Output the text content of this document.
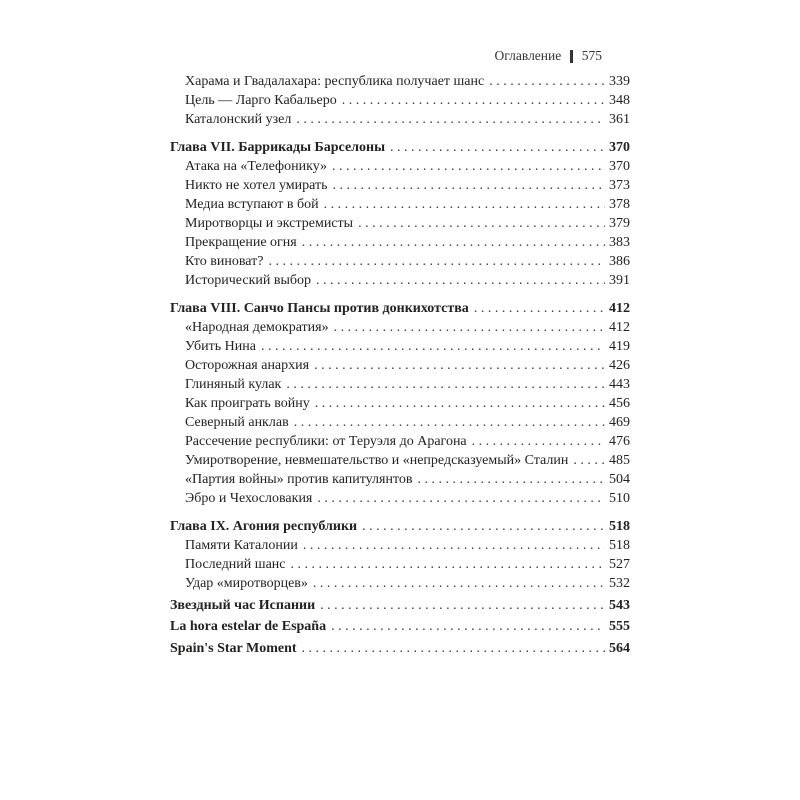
Оглавление 575
Харама и Гвадалахара: республика получает шанс . . .	339
Цель — Ларго Кабальеро . . .	348
Каталонский узел . . .	361
Глава VII. Баррикады Барселоны . . .	370
Атака на «Телефонику» . . .	370
Никто не хотел умирать . . .	373
Медиа вступают в бой . . .	378
Миротворцы и экстремисты . . .	379
Прекращение огня . . .	383
Кто виноват? . . .	386
Исторический выбор . . .	391
Глава VIII. Санчо Пансы против донкихотства . . .	412
«Народная демократия» . . .	412
Убить Нина . . .	419
Осторожная анархия . . .	426
Глиняный кулак . . .	443
Как проиграть войну . . .	456
Северный анклав . . .	469
Рассечение республики: от Теруэля до Арагона . . .	476
Умиротворение, невмешательство и «непредсказуемый» Сталин . . .	485
«Партия войны» против капитулянтов . . .	504
Эбро и Чехословакия . . .	510
Глава IX. Агония республики . . .	518
Памяти Каталонии . . .	518
Последний шанс . . .	527
Удар «миротворцев» . . .	532
Звездный час Испании . . .	543
La hora estelar de España . . .	555
Spain's Star Moment . . .	564
